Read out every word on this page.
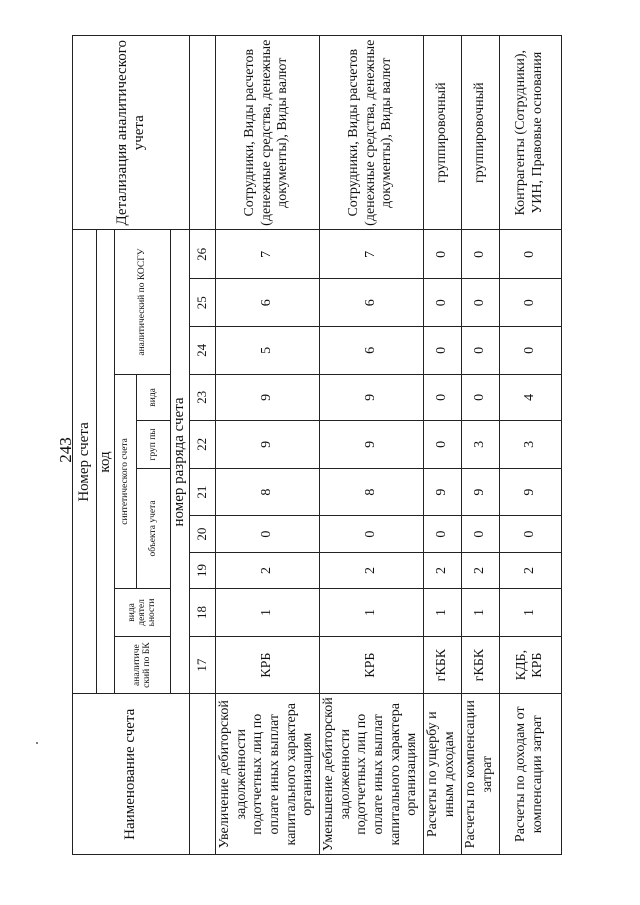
243
Наименование счета	Номер счета										Детализация аналитического учета
	код										
	аналитиче ский по БК	вида деятел ьности	синтетического счета					аналитический по КОСГУ			
			объекта учета			груп пы	вида				
	номер разряда счета										
	17	18	19	20	21	22	23	24	25	26	
Увеличение дебиторской задолженности подотчетных лиц по оплате иных выплат капитального характера организациям	КРБ	1	2	0	8	9	9	5	6	7	Сотрудники, Виды расчетов (денежные средства, денежные документы), Виды валют
Уменьшение дебиторской задолженности подотчетных лиц по оплате иных выплат капитального характера организациям	КРБ	1	2	0	8	9	9	6	6	7	Сотрудники, Виды расчетов (денежные средства, денежные документы), Виды валют
Расчеты по ущербу и иным доходам	гКБК	1	2	0	9	0	0	0	0	0	группировочный
Расчеты по компенсации затрат	гКБК	1	2	0	9	3	0	0	0	0	группировочный
Расчеты по доходам от компенсации затрат	КДБ, КРБ	1	2	0	9	3	4	0	0	0	Контрагенты (Сотрудники), УИН, Правовые основания
